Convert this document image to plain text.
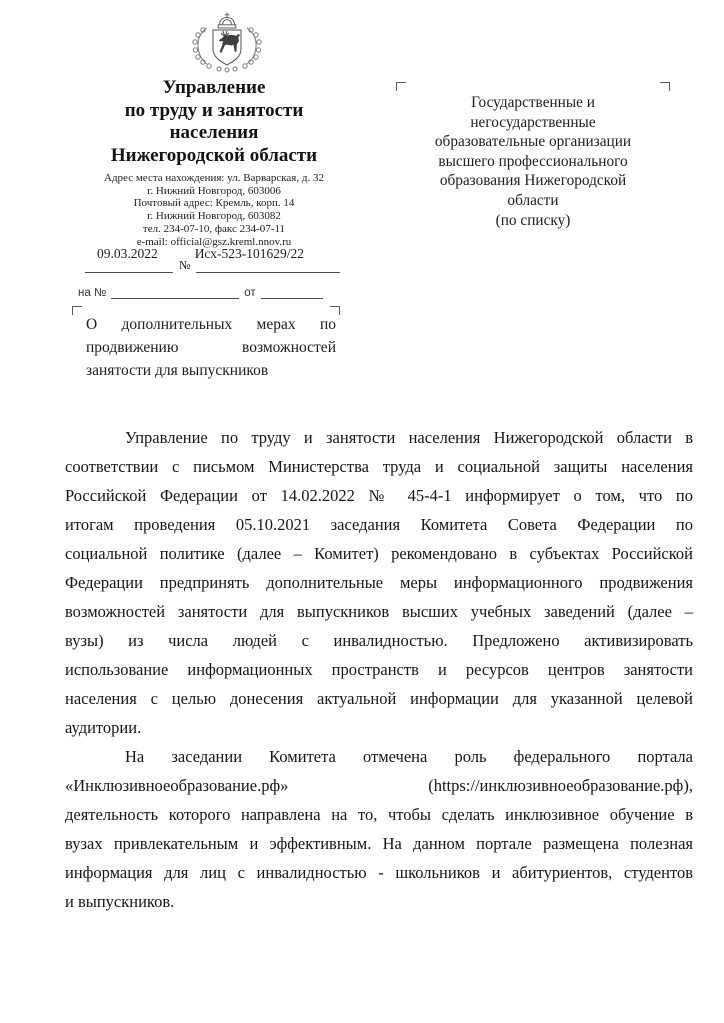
Управление
по труду и занятости
населения
Нижегородской области
Адрес места нахождения: ул. Варварская, д. 32
г. Нижний Новгород, 603006
Почтовый адрес: Кремль, корп. 14
г. Нижний Новгород, 603082
тел. 234-07-10, факс 234-07-11
e-mail: official@gsz.kreml.nnov.ru
09.03.2022	Исх-523-101629/22
№
на №	от
О дополнительных мерах по
продвижению возможностей
занятости для выпускников
Государственные и
негосударственные
образовательные организации
высшего профессионального
образования Нижегородской
области
(по списку)
Управление по труду и занятости населения Нижегородской области в
соответствии с письмом Министерства труда и социальной защиты населения
Российской Федерации от 14.02.2022 № 45-4-1 информирует о том, что по
итогам проведения 05.10.2021 заседания Комитета Совета Федерации по
социальной политике (далее – Комитет) рекомендовано в субъектах Российской
Федерации предпринять дополнительные меры информационного продвижения
возможностей занятости для выпускников высших учебных заведений (далее –
вузы) из числа людей с инвалидностью. Предложено активизировать
использование информационных пространств и ресурсов центров занятости
населения с целью донесения актуальной информации для указанной целевой
аудитории.
На заседании Комитета отмечена роль федерального портала
«Инклюзивноеобразование.рф» (https://инклюзивноеобразование.рф),
деятельность которого направлена на то, чтобы сделать инклюзивное обучение в
вузах привлекательным и эффективным. На данном портале размещена полезная
информация для лиц с инвалидностью - школьников и абитуриентов, студентов
и выпускников.
